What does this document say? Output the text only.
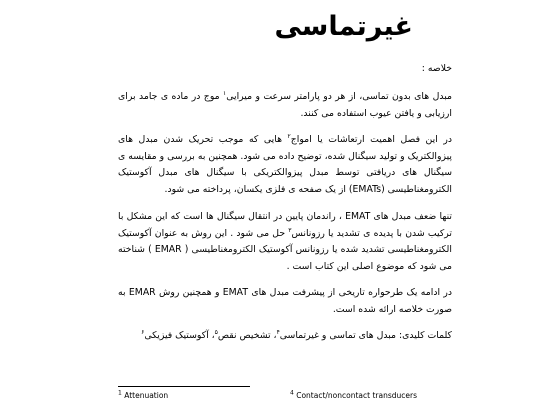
غیرتماسی

خلاصه :

مبدل های بدون تماسی، از هر دو پارامتر سرعت و میرایی$^۱$ موج در ماده ی جامد برای ارزیابی و یافتن عیوب استفاده می کنند.

در این فصل اهمیت ارتعاشات یا امواج$^۲$ هایی که موجب تحریک شدن مبدل های پیزوالکتریک و تولید سیگنال شده، توضیح داده می شود. همچنین به بررسی و مقایسه ی سیگنال های دریافتی توسط مبدل پیزوالکتریکی با سیگنال های مبدل آکوستیک الکترومغناطیسی (EMATs) از یک صفحه ی فلزی یکسان، پرداخته می شود.

تنها ضعف مبدل های EMAT ، راندمان پایین در انتقال سیگنال ها است که این مشکل با ترکیب شدن با پدیده ی تشدید یا رزونانس$^۳$ حل می شود . این روش به عنوان آکوستیک الکترومغناطیسی تشدید شده یا رزونانس آکوستیک الکترومغناطیسی ( EMAR ) شناخته می شود که موضوع اصلی این کتاب است .

در ادامه یک طرحواره تاریخی از پیشرفت مبدل های EMAT و همچنین روش EMAR به صورت خلاصه ارائه شده است.

کلمات کلیدی: مبدل های تماسی و غیرتماسی$^۴$، تشخیص نقص$^۵$، آکوستیک فیزیکی$^۶$

$^1$ Attenuation	$^4$ Contact/noncontact transducers
